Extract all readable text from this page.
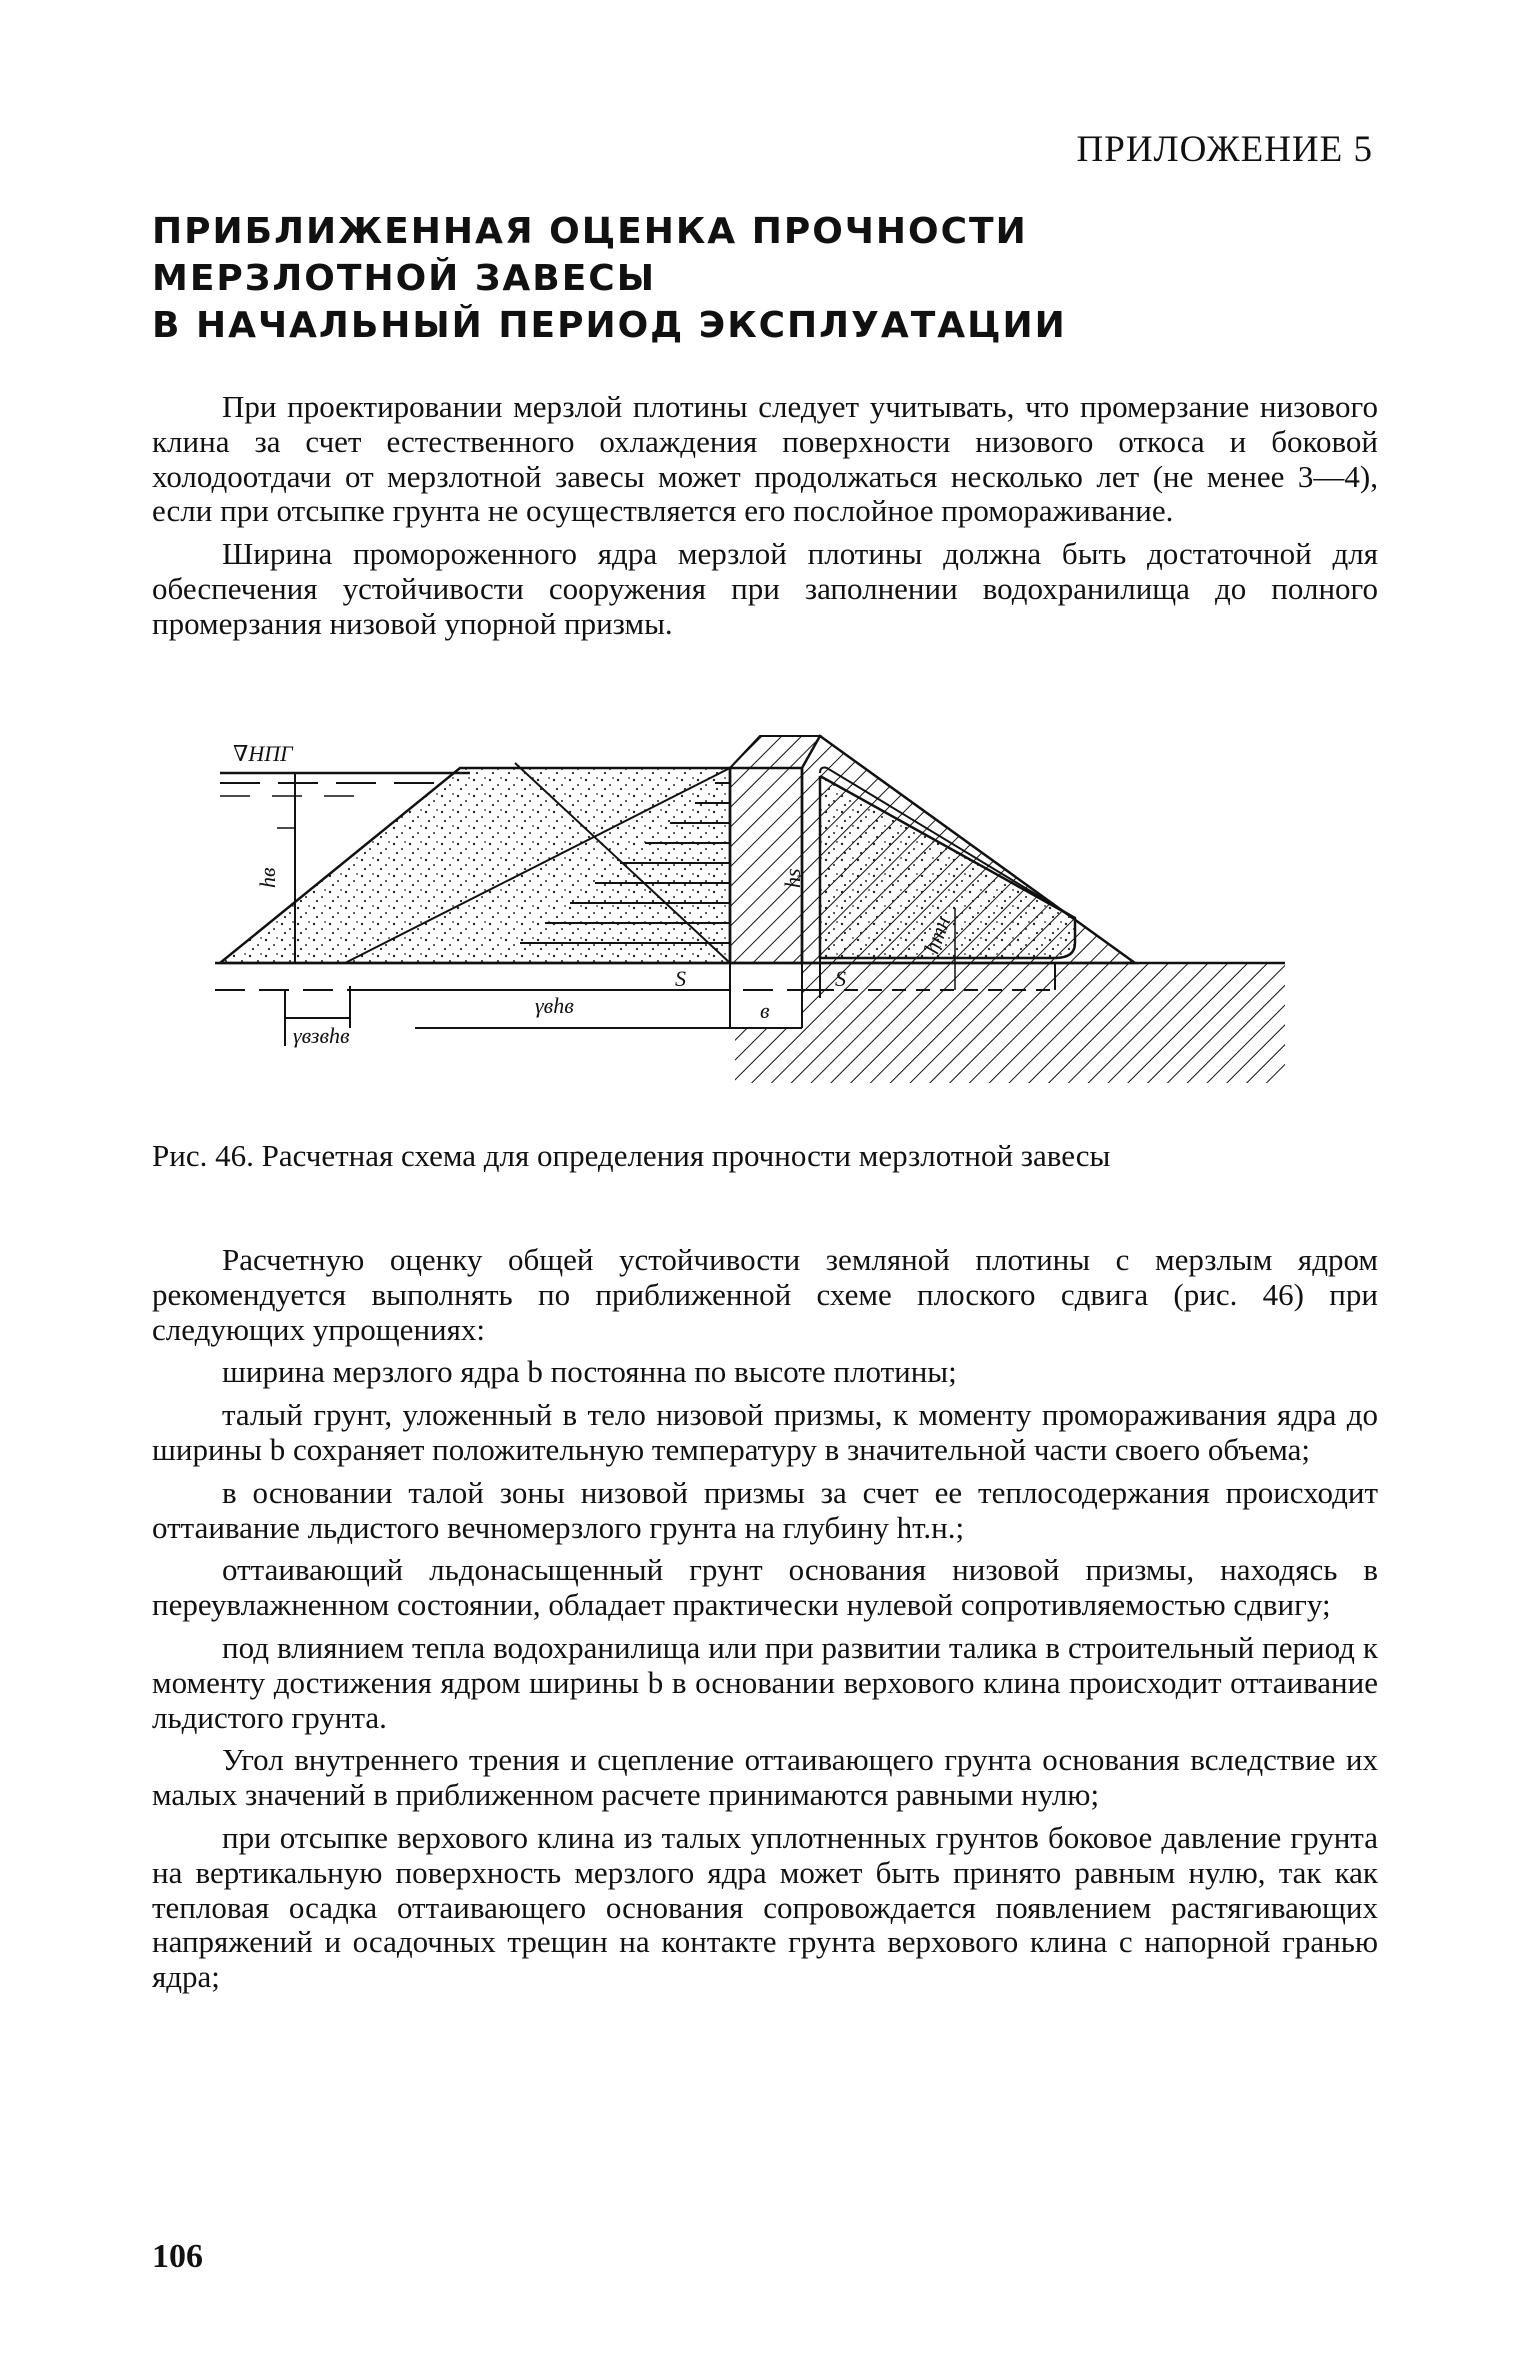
ПРИЛОЖЕНИЕ 5
ПРИБЛИЖЕННАЯ ОЦЕНКА ПРОЧНОСТИ
МЕРЗЛОТНОЙ ЗАВЕСЫ
В НАЧАЛЬНЫЙ ПЕРИОД ЭКСПЛУАТАЦИИ

При проектировании мерзлой плотины следует учитывать, что промерзание низового клина за счет естественного охлаждения поверхности низового откоса и боковой холодоотдачи от мерзлотной завесы может продолжаться несколько лет (не менее 3—4), если при отсыпке грунта не осуществляется его послойное промораживание.

Ширина проморoженного ядра мерзлой плотины должна быть достаточной для обеспечения устойчивости сооружения при заполнении водохранилища до полного промерзания низовой упорной призмы.

∇НПГ
hв	hs
hтн
γвhв
S	S
γвзвhв
в
Рис. 46. Расчетная схема для определения прочности мерзлотной завесы

Расчетную оценку общей устойчивости земляной плотины с мерзлым ядром рекомендуется выполнять по приближенной схеме плоского сдвига (рис. 46) при следующих упрощениях:

ширина мерзлого ядра b постоянна по высоте плотины;

талый грунт, уложенный в тело низовой призмы, к моменту промораживания ядра до ширины b сохраняет положительную температуру в значительной части своего объема;

в основании талой зоны низовой призмы за счет ее теплосодержания происходит оттаивание льдистого вечномерзлого грунта на глубину hт.н.;

оттаивающий льдонасыщенный грунт основания низовой призмы, находясь в переувлажненном состоянии, обладает практически нулевой сопротивляемостью сдвигу;

под влиянием тепла водохранилища или при развитии талика в строительный период к моменту достижения ядром ширины b в основании верхового клина происходит оттаивание льдистого грунта.

Угол внутреннего трения и сцепление оттаивающего грунта основания вследствие их малых значений в приближенном расчете принимаются равными нулю;

при отсыпке верхового клина из талых уплотненных грунтов боковое давление грунта на вертикальную поверхность мерзлого ядра может быть принято равным нулю, так как тепловая осадка оттаивающего основания сопровождается появлением растягивающих напряжений и осадочных трещин на контакте грунта верхового клина с напорной гранью ядра;

106
